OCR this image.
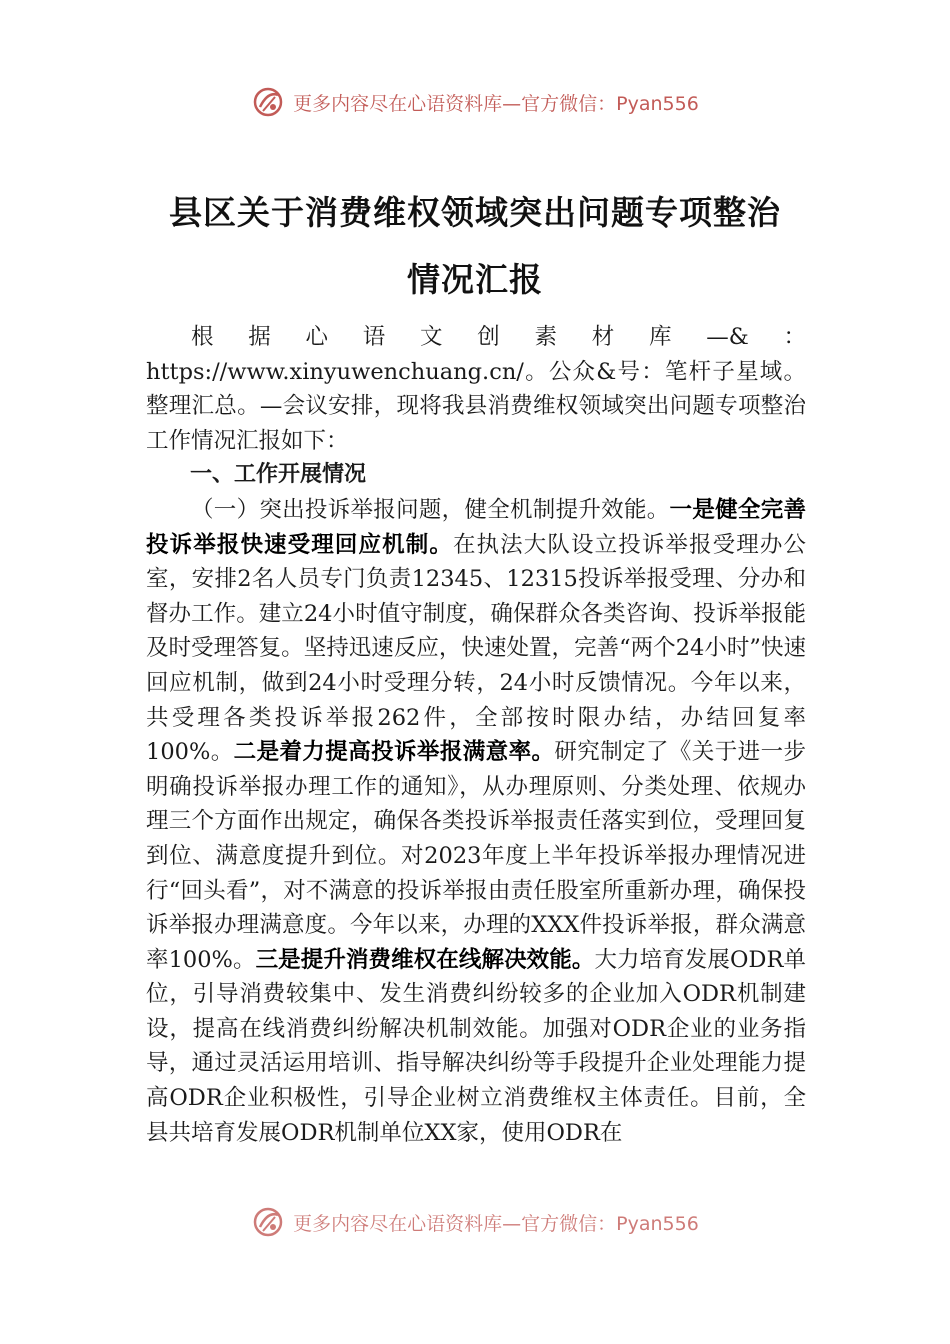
更多内容尽在心语资料库—官方微信：Pyan556
县区关于消费维权领域突出问题专项整治
情况汇报

根据心语文创素材库—&：https://www.xinyuwenchuang.cn/。公众&号：笔杆子星域。整理汇总。—会议安排，现将我县消费维权领域突出问题专项整治工作情况汇报如下：

一、工作开展情况

（一）突出投诉举报问题，健全机制提升效能。一是健全完善投诉举报快速受理回应机制。在执法大队设立投诉举报受理办公室，安排2名人员专门负责12345、12315投诉举报受理、分办和督办工作。建立24小时值守制度，确保群众各类咨询、投诉举报能及时受理答复。坚持迅速反应，快速处置，完善“两个24小时”快速回应机制，做到24小时受理分转，24小时反馈情况。今年以来，共受理各类投诉举报262件，全部按时限办结，办结回复率100%。二是着力提高投诉举报满意率。研究制定了《关于进一步明确投诉举报办理工作的通知》，从办理原则、分类处理、依规办理三个方面作出规定，确保各类投诉举报责任落实到位，受理回复到位、满意度提升到位。对2023年度上半年投诉举报办理情况进行“回头看”，对不满意的投诉举报由责任股室所重新办理，确保投诉举报办理满意度。今年以来，办理的XXX件投诉举报，群众满意率100%。三是提升消费维权在线解决效能。大力培育发展ODR单位，引导消费较集中、发生消费纠纷较多的企业加入ODR机制建设，提高在线消费纠纷解决机制效能。加强对ODR企业的业务指导，通过灵活运用培训、指导解决纠纷等手段提升企业处理能力提高ODR企业积极性，引导企业树立消费维权主体责任。目前，全县共培育发展ODR机制单位XX家，使用ODR在

更多内容尽在心语资料库—官方微信：Pyan556
